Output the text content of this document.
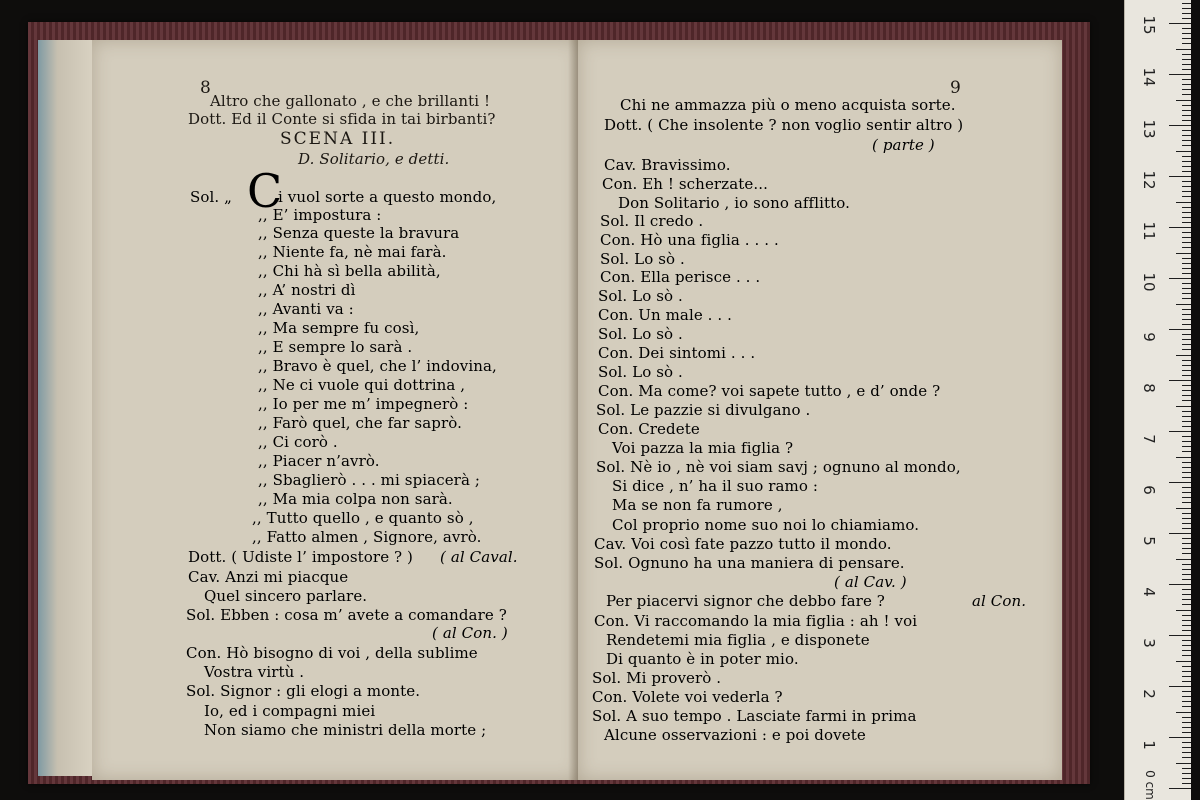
8
Altro che gallonato , e che brillanti !
Dott. Ed il Conte si sfida in tai birbanti?
SCENA III.
D. Solitario, e detti.
C
Sol. „	i vuol sorte a questo mondo,
,, E’ impostura :
,, Senza queste la bravura
,, Niente fa, nè mai farà.
,, Chi hà sì bella abilità,
,, A’ nostri dì
,, Avanti va :
,, Ma sempre fu così,
,, E sempre lo sarà .
,, Bravo è quel, che l’ indovina,
,, Ne ci vuole qui dottrina ,
,, Io per me m’ impegnerò :
,, Farò quel, che far saprò.
,, Ci corò .
,, Piacer n’avrò.
,, Sbaglierò . . . mi spiacerà ;
,, Ma mia colpa non sarà.
,, Tutto quello , e quanto sò ,
,, Fatto almen , Signore, avrò.
Dott. ( Udiste l’ impostore ? ) ( al Caval.
Cav. Anzi mi piacque
Quel sincero parlare.
Sol. Ebben : cosa m’ avete a comandare ?
( al Con. )
Con. Hò bisogno di voi , della sublime
Vostra virtù .
Sol. Signor : gli elogi a monte.
Io, ed i compagni miei
Non siamo che ministri della morte ;
9
Chi ne ammazza più o meno acquista sorte.
Dott. ( Che insolente ? non voglio sentir altro )
( parte )
Cav. Bravissimo.
Con. Eh ! scherzate...
Don Solitario , io sono afflitto.
Sol. Il credo .
Con. Hò una figlia . . . .
Sol. Lo sò .
Con. Ella perisce . . .
Sol. Lo sò .
Con. Un male . . .
Sol. Lo sò .
Con. Dei sintomi . . .
Sol. Lo sò .
Con. Ma come? voi sapete tutto , e d’ onde ?
Sol. Le pazzie si divulgano .
Con. Credete
Voi pazza la mia figlia ?
Sol. Nè io , nè voi siam savj ; ognuno al mondo,
Si dice , n’ ha il suo ramo :
Ma se non fa rumore ,
Col proprio nome suo noi lo chiamiamo.
Cav. Voi così fate pazzo tutto il mondo.
Sol. Ognuno ha una maniera di pensare.
( al Cav. )
Per piacervi signor che debbo fare ?	al Con.
Con. Vi raccomando la mia figlia : ah ! voi
Rendetemi mia figlia , e disponete
Di quanto è in poter mio.
Sol. Mi proverò .
Con. Volete voi vederla ?
Sol. A suo tempo . Lasciate farmi in prima
Alcune osservazioni : e poi dovete
1
2
3
4
5
6
7
8
9
10
11
12
13
14
15
0 cm
